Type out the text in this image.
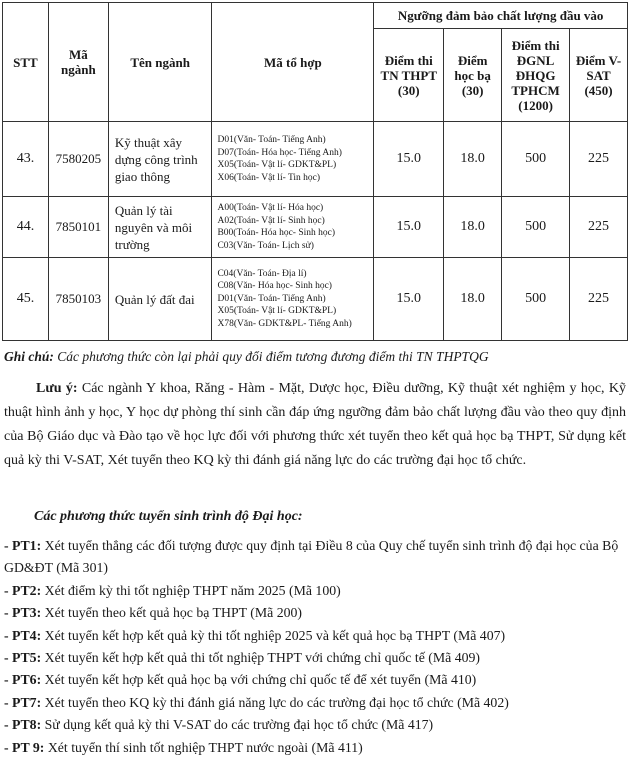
STT	Mã ngành	Tên ngành	Mã tổ hợp	Ngưỡng đảm bảo chất lượng đầu vào			
				Điểm thi TN THPT (30)	Điểm học bạ (30)	Điểm thi ĐGNL ĐHQG TPHCM (1200)	Điểm V-SAT (450)
43.	7580205	Kỹ thuật xây dựng công trình giao thông	D01(Văn- Toán- Tiếng Anh)
D07(Toán- Hóa học- Tiếng Anh)
X05(Toán- Vật lí- GDKT&PL)
X06(Toán- Vật lí- Tin học)	15.0	18.0	500	225
44.	7850101	Quản lý tài nguyên và môi trường	A00(Toán- Vật lí- Hóa học)
A02(Toán- Vật lí- Sinh học)
B00(Toán- Hóa học- Sinh học)
C03(Văn- Toán- Lịch sử)	15.0	18.0	500	225
45.	7850103	Quản lý đất đai	C04(Văn- Toán- Địa lí)
C08(Văn- Hóa học- Sinh học)
D01(Văn- Toán- Tiếng Anh)
X05(Toán- Vật lí- GDKT&PL)
X78(Văn- GDKT&PL- Tiếng Anh)	15.0	18.0	500	225
Ghi chú: Các phương thức còn lại phải quy đổi điểm tương đương điểm thi TN THPTQG
Lưu ý: Các ngành Y khoa, Răng - Hàm - Mặt, Dược học, Điều dưỡng, Kỹ thuật xét nghiệm y học, Kỹ thuật hình ảnh y học, Y học dự phòng thí sinh cần đáp ứng ngưỡng đảm bảo chất lượng đầu vào theo quy định của Bộ Giáo dục và Đào tạo về học lực đối với phương thức xét tuyển theo kết quả học bạ THPT, Sử dụng kết quả kỳ thi V-SAT, Xét tuyển theo KQ kỳ thi đánh giá năng lực do các trường đại học tổ chức.
Các phương thức tuyển sinh trình độ Đại học:
- PT1: Xét tuyển thẳng các đối tượng được quy định tại Điều 8 của Quy chế tuyển sinh trình độ đại học của Bộ GD&ĐT (Mã 301)
- PT2: Xét điểm kỳ thi tốt nghiệp THPT năm 2025 (Mã 100)
- PT3: Xét tuyển theo kết quả học bạ THPT (Mã 200)
- PT4: Xét tuyển kết hợp kết quả kỳ thi tốt nghiệp 2025 và kết quả học bạ THPT (Mã 407)
- PT5: Xét tuyển kết hợp kết quả thi tốt nghiệp THPT với chứng chỉ quốc tế (Mã 409)
- PT6: Xét tuyển kết hợp kết quả học bạ với chứng chỉ quốc tế để xét tuyển (Mã 410)
- PT7: Xét tuyển theo KQ kỳ thi đánh giá năng lực do các trường đại học tổ chức (Mã 402)
- PT8: Sử dụng kết quả kỳ thi V-SAT do các trường đại học tổ chức (Mã 417)
- PT 9: Xét tuyển thí sinh tốt nghiệp THPT nước ngoài (Mã 411)
